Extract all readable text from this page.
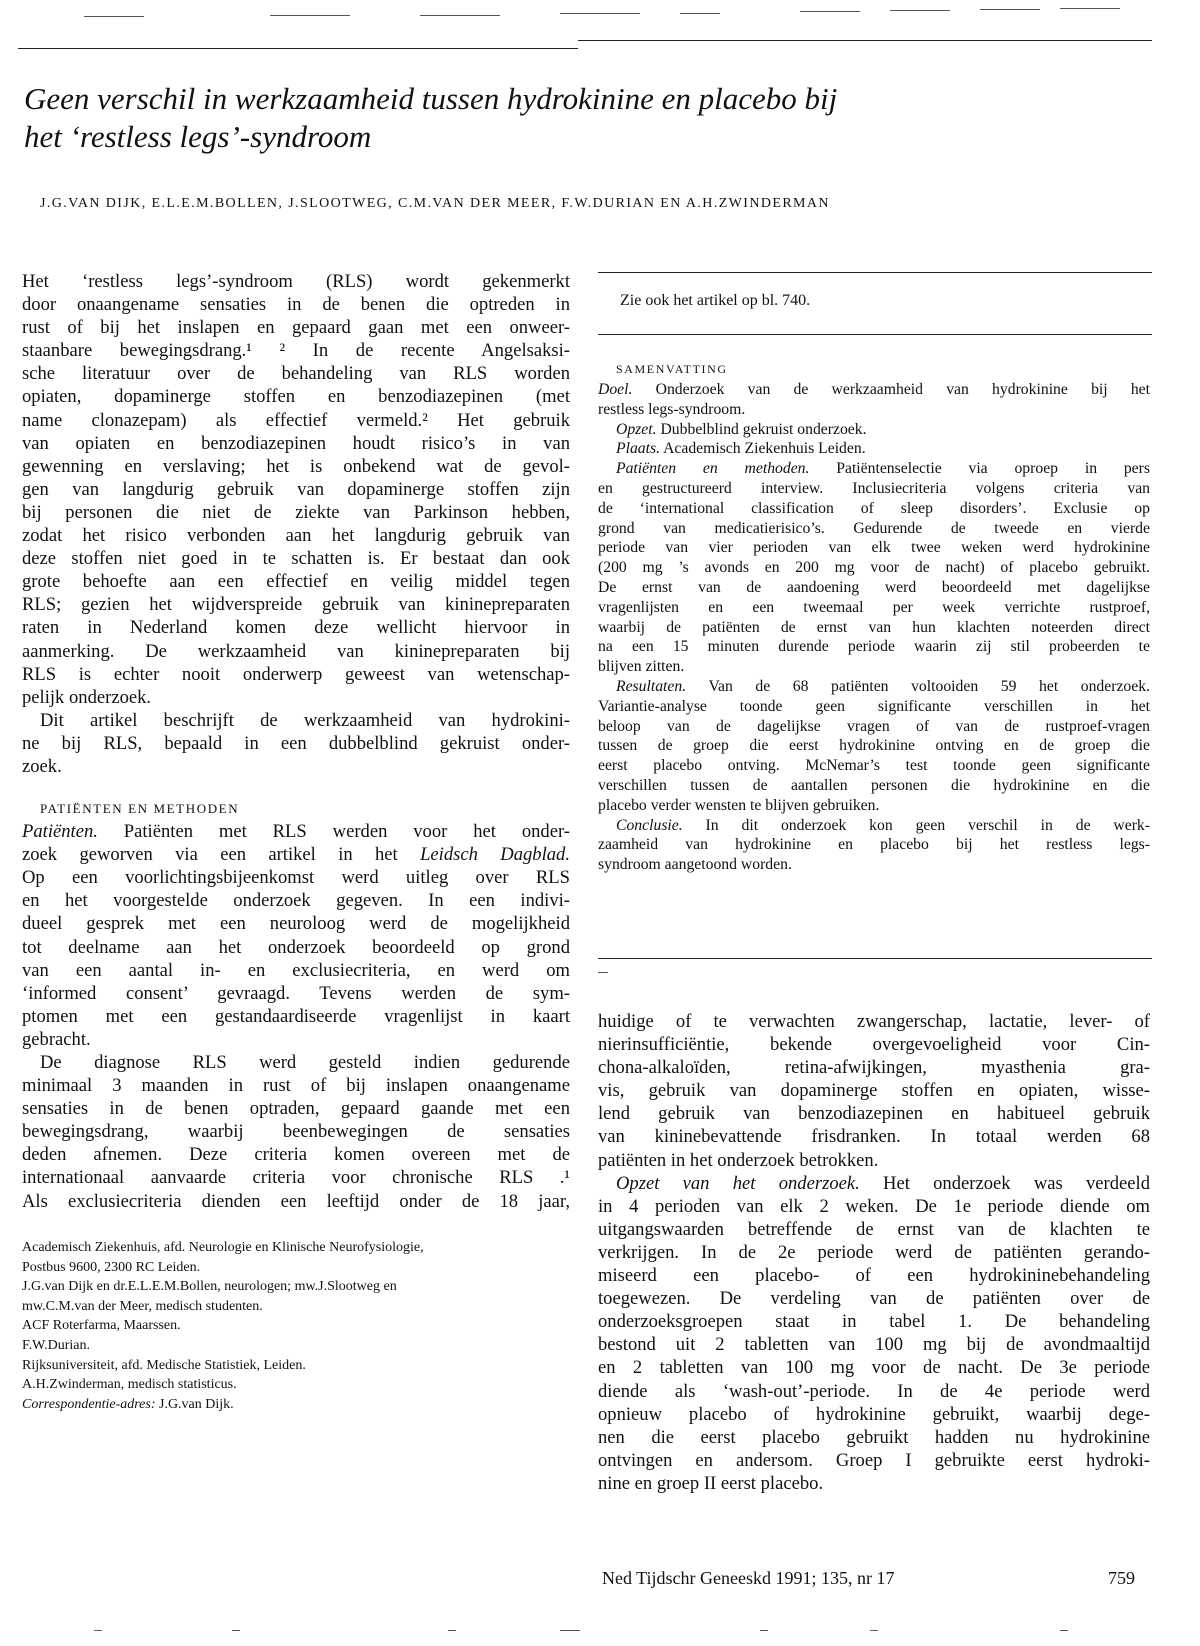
Geen verschil in werkzaamheid tussen hydrokinine en placebo bij
het ‘restless legs’-syndroom
J.G.VAN DIJK, E.L.E.M.BOLLEN, J.SLOOTWEG, C.M.VAN DER MEER, F.W.DURIAN EN A.H.ZWINDERMAN
Het ‘restless legs’-syndroom (RLS) wordt gekenmerkt
door onaangename sensaties in de benen die optreden in
rust of bij het inslapen en gepaard gaan met een onweer-
staanbare bewegingsdrang.¹ ² In de recente Angelsaksi-
sche literatuur over de behandeling van RLS worden
opiaten, dopaminerge stoffen en benzodiazepinen (met
name clonazepam) als effectief vermeld.² Het gebruik
van opiaten en benzodiazepinen houdt risico’s in van
gewenning en verslaving; het is onbekend wat de gevol-
gen van langdurig gebruik van dopaminerge stoffen zijn
bij personen die niet de ziekte van Parkinson hebben,
zodat het risico verbonden aan het langdurig gebruik van
deze stoffen niet goed in te schatten is. Er bestaat dan ook
grote behoefte aan een effectief en veilig middel tegen
RLS; gezien het wijdverspreide gebruik van kininepreparaten
raten in Nederland komen deze wellicht hiervoor in
aanmerking. De werkzaamheid van kininepreparaten bij
RLS is echter nooit onderwerp geweest van wetenschap-
pelijk onderzoek.
Dit artikel beschrijft de werkzaamheid van hydrokini-
ne bij RLS, bepaald in een dubbelblind gekruist onder-
zoek.
PATIËNTEN EN METHODEN
Patiënten. Patiënten met RLS werden voor het onder-
zoek geworven via een artikel in het Leidsch Dagblad.
Op een voorlichtingsbijeenkomst werd uitleg over RLS
en het voorgestelde onderzoek gegeven. In een indivi-
dueel gesprek met een neuroloog werd de mogelijkheid
tot deelname aan het onderzoek beoordeeld op grond
van een aantal in- en exclusiecriteria, en werd om
‘informed consent’ gevraagd. Tevens werden de sym-
ptomen met een gestandaardiseerde vragenlijst in kaart
gebracht.
De diagnose RLS werd gesteld indien gedurende
minimaal 3 maanden in rust of bij inslapen onaangename
sensaties in de benen optraden, gepaard gaande met een
bewegingsdrang, waarbij beenbewegingen de sensaties
deden afnemen. Deze criteria komen overeen met de
internationaal aanvaarde criteria voor chronische RLS .¹
Als exclusiecriteria dienden een leeftijd onder de 18 jaar,
Zie ook het artikel op bl. 740.
SAMENVATTING
Doel. Onderzoek van de werkzaamheid van hydrokinine bij het
restless legs-syndroom.
Opzet. Dubbelblind gekruist onderzoek.
Plaats. Academisch Ziekenhuis Leiden.
Patiënten en methoden. Patiëntenselectie via oproep in pers
en gestructureerd interview. Inclusiecriteria volgens criteria van
de ‘international classification of sleep disorders’. Exclusie op
grond van medicatierisico’s. Gedurende de tweede en vierde
periode van vier perioden van elk twee weken werd hydrokinine
(200 mg ’s avonds en 200 mg voor de nacht) of placebo gebruikt.
De ernst van de aandoening werd beoordeeld met dagelijkse
vragenlijsten en een tweemaal per week verrichte rustproef,
waarbij de patiënten de ernst van hun klachten noteerden direct
na een 15 minuten durende periode waarin zij stil probeerden te
blijven zitten.
Resultaten. Van de 68 patiënten voltooiden 59 het onderzoek.
Variantie-analyse toonde geen significante verschillen in het
beloop van de dagelijkse vragen of van de rustproef-vragen
tussen de groep die eerst hydrokinine ontving en de groep die
eerst placebo ontving. McNemar’s test toonde geen significante
verschillen tussen de aantallen personen die hydrokinine en die
placebo verder wensten te blijven gebruiken.
Conclusie. In dit onderzoek kon geen verschil in de werk-
zaamheid van hydrokinine en placebo bij het restless legs-
syndroom aangetoond worden.
huidige of te verwachten zwangerschap, lactatie, lever- of
nierinsufficiëntie, bekende overgevoeligheid voor Cin-
chona-alkaloïden, retina-afwijkingen, myasthenia gra-
vis, gebruik van dopaminerge stoffen en opiaten, wisse-
lend gebruik van benzodiazepinen en habitueel gebruik
van kininebevattende frisdranken. In totaal werden 68
patiënten in het onderzoek betrokken.
Opzet van het onderzoek. Het onderzoek was verdeeld
in 4 perioden van elk 2 weken. De 1e periode diende om
uitgangswaarden betreffende de ernst van de klachten te
verkrijgen. In de 2e periode werd de patiënten gerando-
miseerd een placebo- of een hydrokininebehandeling
toegewezen. De verdeling van de patiënten over de
onderzoeksgroepen staat in tabel 1. De behandeling
bestond uit 2 tabletten van 100 mg bij de avondmaaltijd
en 2 tabletten van 100 mg voor de nacht. De 3e periode
diende als ‘wash-out’-periode. In de 4e periode werd
opnieuw placebo of hydrokinine gebruikt, waarbij dege-
nen die eerst placebo gebruikt hadden nu hydrokinine
ontvingen en andersom. Groep I gebruikte eerst hydroki-
nine en groep II eerst placebo.
Academisch Ziekenhuis, afd. Neurologie en Klinische Neurofysiologie,
Postbus 9600, 2300 RC Leiden.
J.G.van Dijk en dr.E.L.E.M.Bollen, neurologen; mw.J.Slootweg en
mw.C.M.van der Meer, medisch studenten.
ACF Roterfarma, Maarssen.
F.W.Durian.
Rijksuniversiteit, afd. Medische Statistiek, Leiden.
A.H.Zwinderman, medisch statisticus.
Correspondentie-adres: J.G.van Dijk.
Ned Tijdschr Geneeskd 1991; 135, nr 17	759
